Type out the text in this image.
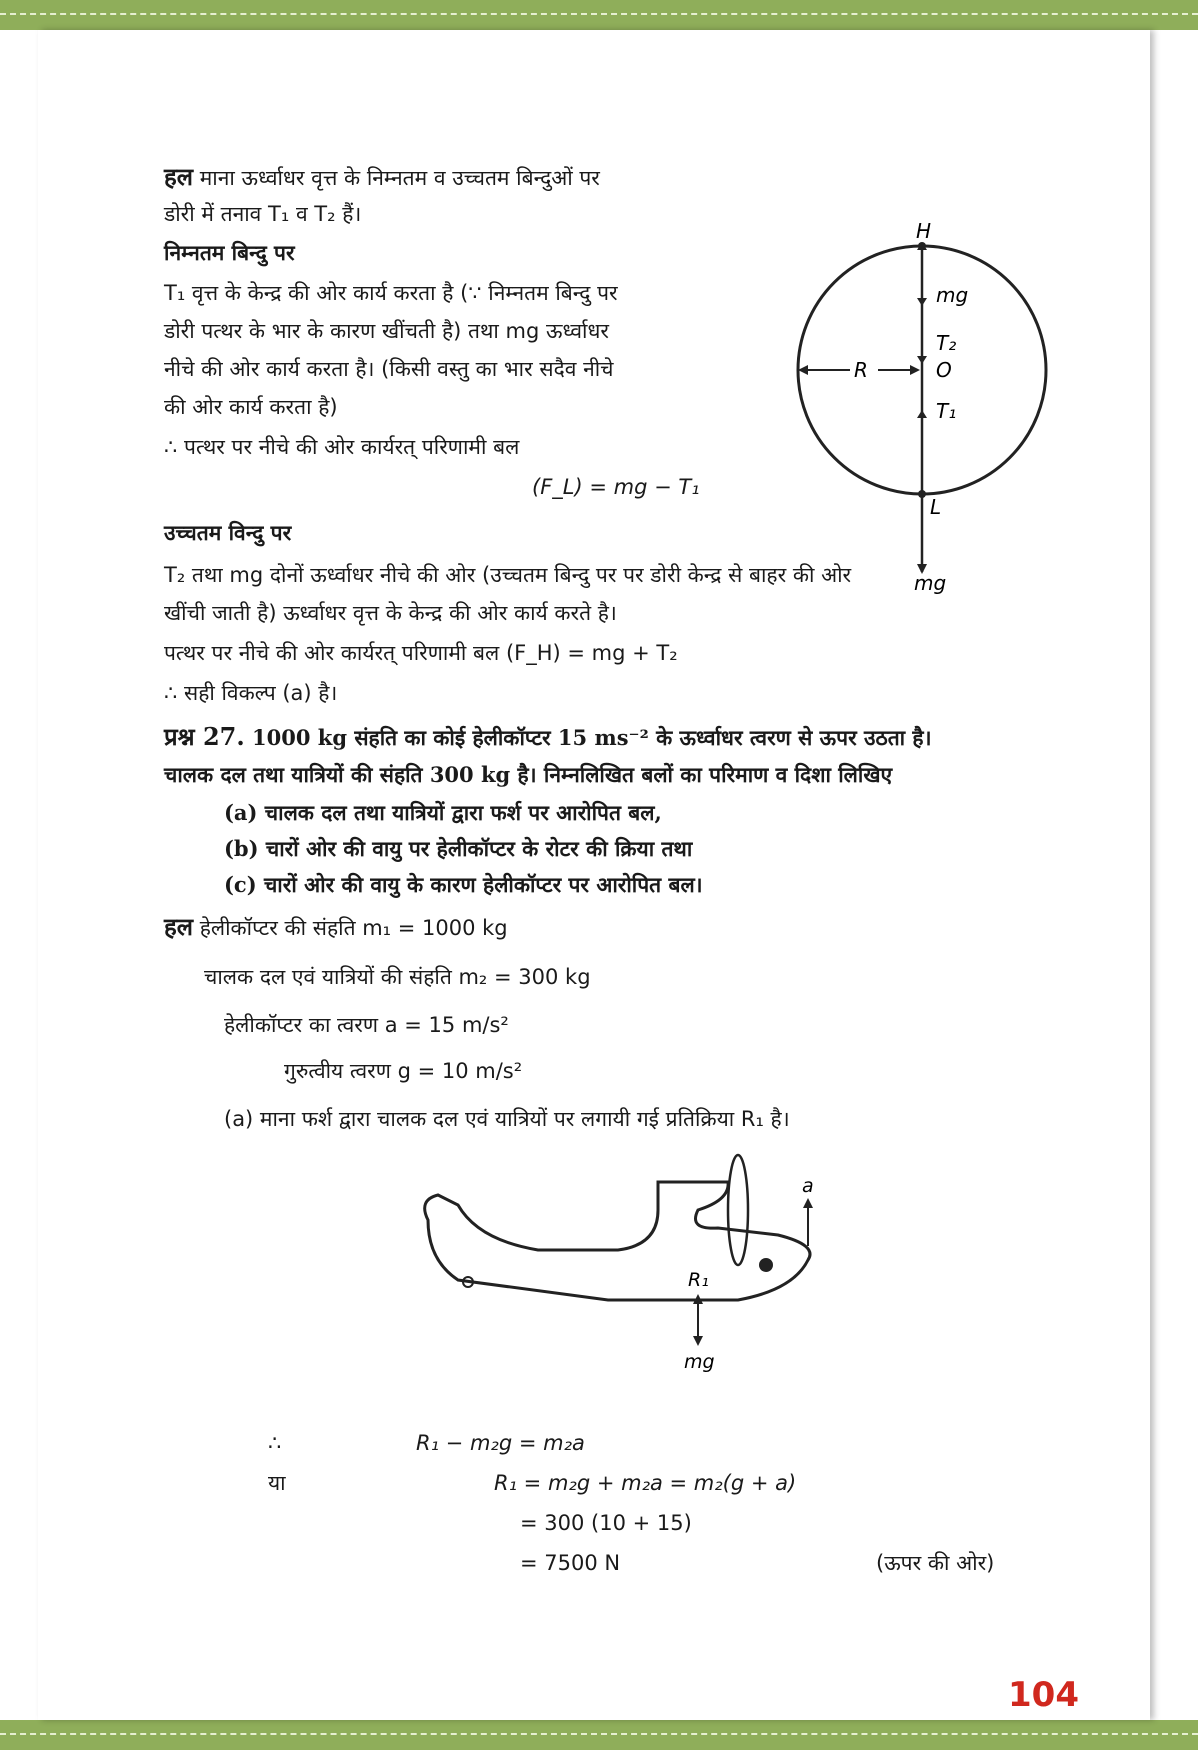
हल माना ऊर्ध्वाधर वृत्त के निम्नतम व उच्चतम बिन्दुओं पर
डोरी में तनाव T₁ व T₂ हैं।
निम्नतम बिन्दु पर
T₁ वृत्त के केन्द्र की ओर कार्य करता है (∵ निम्नतम बिन्दु पर
डोरी पत्थर के भार के कारण खींचती है) तथा mg ऊर्ध्वाधर
नीचे की ओर कार्य करता है। (किसी वस्तु का भार सदैव नीचे
की ओर कार्य करता है)
∴ पत्थर पर नीचे की ओर कार्यरत् परिणामी बल
(F_L) = mg − T₁
उच्चतम विन्दु पर
T₂ तथा mg दोनों ऊर्ध्वाधर नीचे की ओर (उच्चतम बिन्दु पर पर डोरी केन्द्र से बाहर की ओर
खींची जाती है) ऊर्ध्वाधर वृत्त के केन्द्र की ओर कार्य करते है।
पत्थर पर नीचे की ओर कार्यरत् परिणामी बल (F_H) = mg + T₂
∴ सही विकल्प (a) है।
H
mg
T₂
R	O
T₁
L
mg
प्रश्न 27. 1000 kg संहति का कोई हेलीकॉप्टर 15 ms⁻² के ऊर्ध्वाधर त्वरण से ऊपर उठता है।
चालक दल तथा यात्रियों की संहति 300 kg है। निम्नलिखित बलों का परिमाण व दिशा लिखिए
(a) चालक दल तथा यात्रियों द्वारा फर्श पर आरोपित बल,
(b) चारों ओर की वायु पर हेलीकॉप्टर के रोटर की क्रिया तथा
(c) चारों ओर की वायु के कारण हेलीकॉप्टर पर आरोपित बल।
हल हेलीकॉप्टर की संहति m₁ = 1000 kg
चालक दल एवं यात्रियों की संहति m₂ = 300 kg
हेलीकॉप्टर का त्वरण a = 15 m/s²
गुरुत्वीय त्वरण g = 10 m/s²
(a) माना फर्श द्वारा चालक दल एवं यात्रियों पर लगायी गई प्रतिक्रिया R₁ है।
a
R₁
mg
∴	R₁ − m₂g = m₂a
या	R₁ = m₂g + m₂a = m₂(g + a)
= 300 (10 + 15)
= 7500 N	(ऊपर की ओर)
104
